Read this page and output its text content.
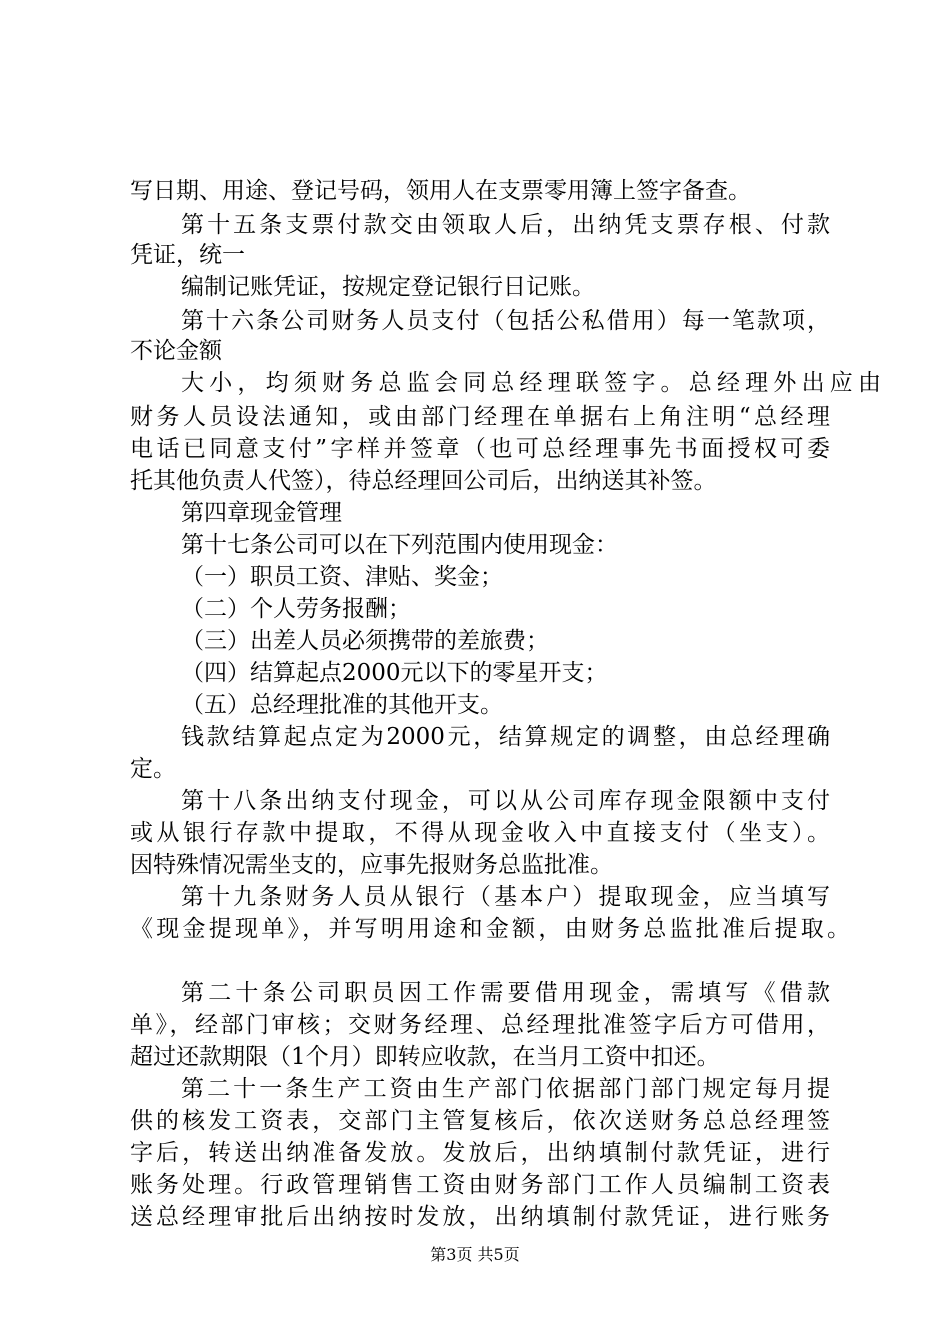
写日期、用途、登记号码，领用人在支票零用簿上签字备查。
第十五条支票付款交由领取人后，出纳凭支票存根、付款
凭证，统一
编制记账凭证，按规定登记银行日记账。
第十六条公司财务人员支付（包括公私借用）每一笔款项，
不论金额
大小，均须财务总监会同总经理联签字。总经理外出应由
财务人员设法通知，或由部门经理在单据右上角注明“总经理
电话已同意支付”字样并签章（也可总经理事先书面授权可委
托其他负责人代签），待总经理回公司后，出纳送其补签。
第四章现金管理
第十七条公司可以在下列范围内使用现金：
（一）职员工资、津贴、奖金；
（二）个人劳务报酬；
（三）出差人员必须携带的差旅费；
（四）结算起点2000元以下的零星开支；
（五）总经理批准的其他开支。
钱款结算起点定为2000元，结算规定的调整，由总经理确
定。
第十八条出纳支付现金，可以从公司库存现金限额中支付
或从银行存款中提取，不得从现金收入中直接支付（坐支）。
因特殊情况需坐支的，应事先报财务总监批准。
第十九条财务人员从银行（基本户）提取现金，应当填写
《现金提现单》，并写明用途和金额，由财务总监批准后提取。
第二十条公司职员因工作需要借用现金，需填写《借款
单》，经部门审核；交财务经理、总经理批准签字后方可借用，
超过还款期限（1个月）即转应收款，在当月工资中扣还。
第二十一条生产工资由生产部门依据部门部门规定每月提
供的核发工资表，交部门主管复核后，依次送财务总总经理签
字后，转送出纳准备发放。发放后，出纳填制付款凭证，进行
账务处理。行政管理销售工资由财务部门工作人员编制工资表
送总经理审批后出纳按时发放，出纳填制付款凭证，进行账务
第3页 共5页
